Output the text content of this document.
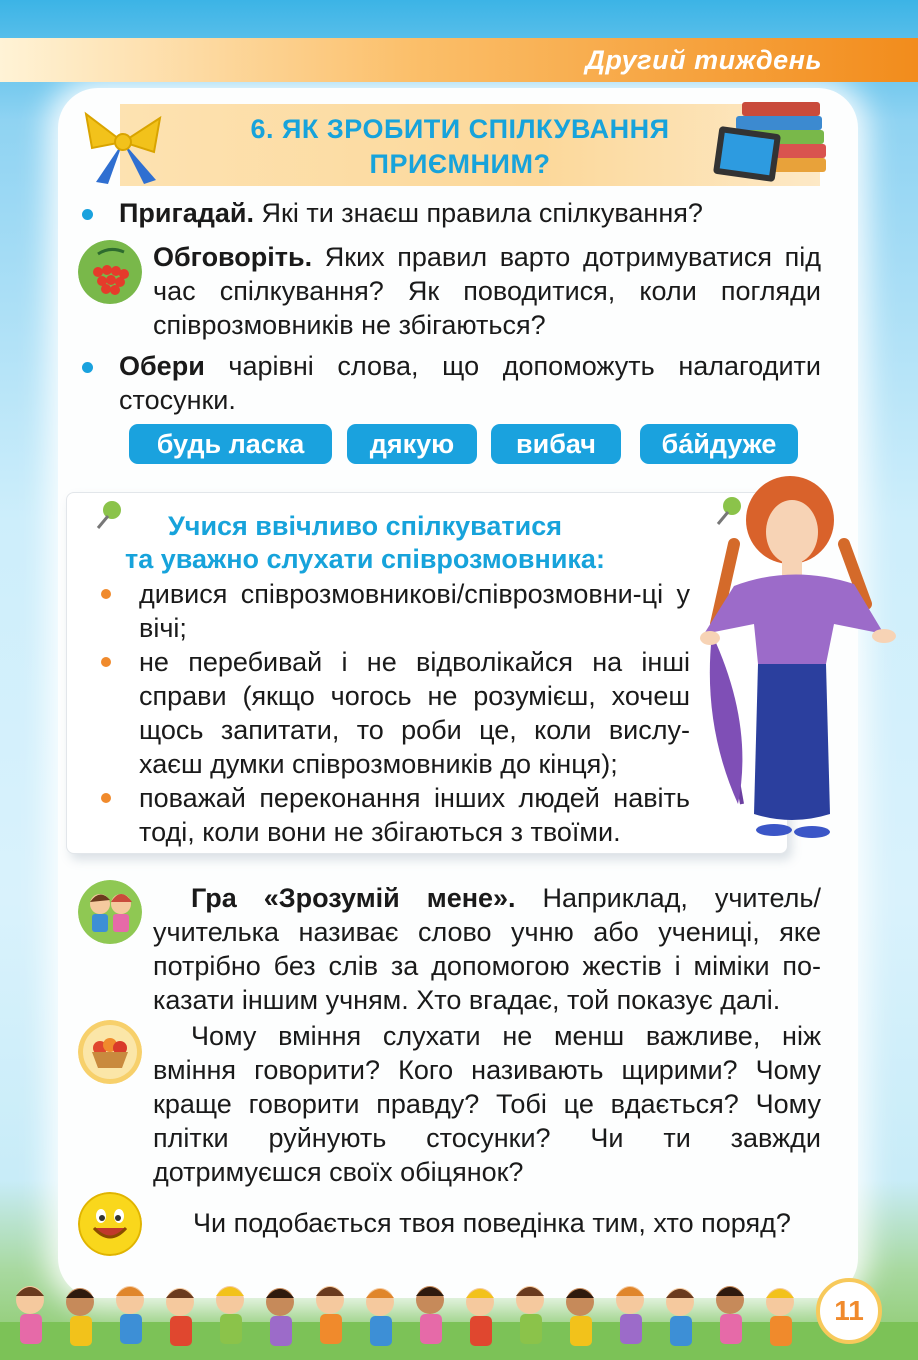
Другий тиждень
6. ЯК ЗРОБИТИ СПІЛКУВАННЯ
ПРИЄМНИМ?
Пригадай. Які ти знаєш правила спілкування?
Обговоріть. Яких правил варто дотримуватися під час спілкування? Як поводитися, коли погляди співрозмовників не збігаються?
Обери чарівні слова, що допоможуть налагодити стосунки.
будь ласка	дякую	вибач	ба́йдуже
Учися ввічливо спілкуватися
та уважно слухати співрозмовника:
дивися співрозмовникові/співрозмовни-ці у вічі;
не перебивай і не відволікайся на інші справи (якщо чогось не розумієш, хочеш щось запитати, то роби це, коли вислу-хаєш думки співрозмовників до кінця);
поважай переконання інших людей навіть тоді, коли вони не збігаються з твоїми.
Гра «Зрозумій мене». Наприклад, учитель/учителька називає слово учню або учениці, яке потрібно без слів за допомогою жестів і міміки по-казати іншим учням. Хто вгадає, той показує далі.
Чому вміння слухати не менш важливе, ніж вміння говорити? Кого називають щирими? Чому краще говорити правду? Тобі це вдається? Чому плітки руйнують стосунки? Чи ти завжди дотримуєшся своїх обіцянок?
Чи подобається твоя поведінка тим, хто поряд?
11
